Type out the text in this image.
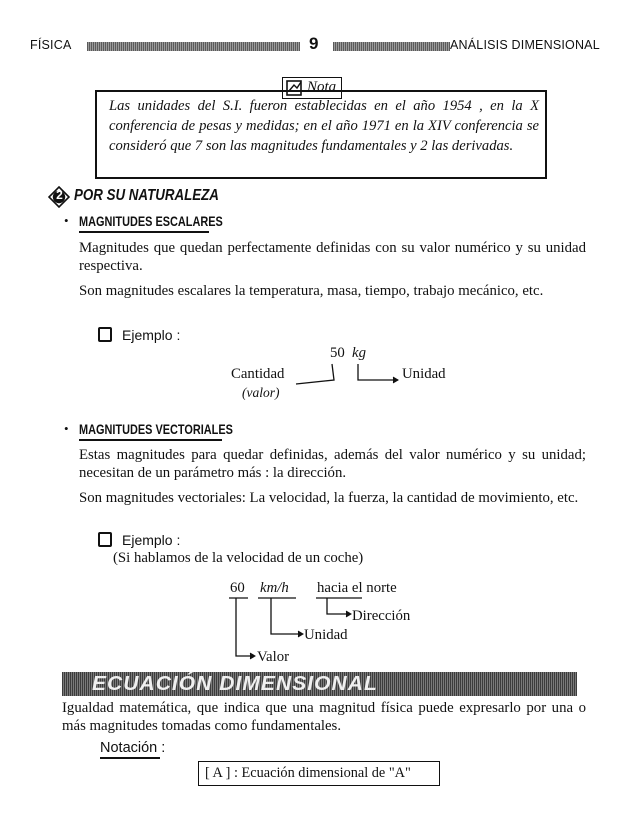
FÍSICA	9	ANÁLISIS DIMENSIONAL
Nota
Las unidades del S.I. fueron establecidas en el año 1954 , en la X conferencia de pesas y medidas; en el año 1971 en la XIV conferencia se consideró que 7 son las magnitudes fundamentales y 2 las derivadas.
2 POR SU NATURALEZA
• MAGNITUDES ESCALARES
Magnitudes que quedan perfectamente definidas con su valor numérico y su unidad respectiva.
Son magnitudes escalares la temperatura, masa, tiempo, trabajo mecánico, etc.
Ejemplo :
50 kg
Cantidad
(valor)
Unidad
• MAGNITUDES VECTORIALES
Estas magnitudes para quedar definidas, además del valor numérico y su unidad; necesitan de un parámetro más : la dirección.
Son magnitudes vectoriales: La velocidad, la fuerza, la cantidad de movimiento, etc.
Ejemplo :
(Si hablamos de la velocidad de un coche)
60 km/h hacia el norte
Dirección
Unidad
Valor
ECUACIÓN DIMENSIONAL
Igualdad matemática, que indica que una magnitud física puede expresarlo por una o más magnitudes tomadas como fundamentales.
Notación :
[ A ] : Ecuación dimensional de "A"
